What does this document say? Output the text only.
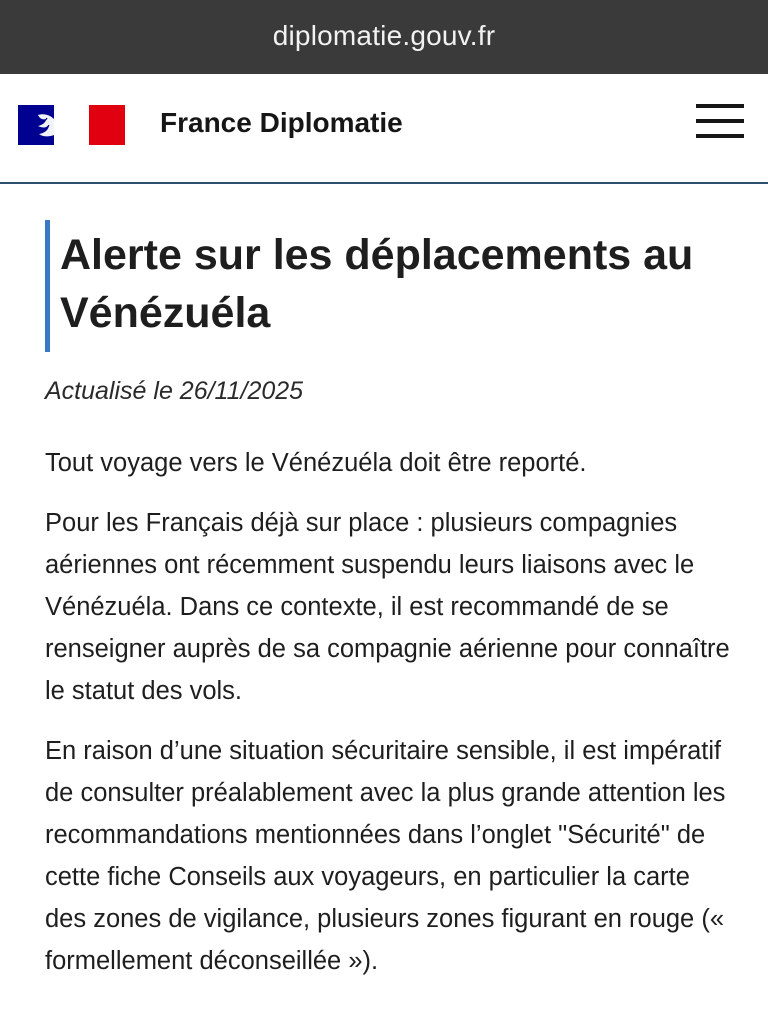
diplomatie.gouv.fr
France Diplomatie
Alerte sur les déplacements au Vénézuéla
Actualisé le 26/11/2025

Tout voyage vers le Vénézuéla doit être reporté.

Pour les Français déjà sur place : plusieurs compagnies aériennes ont récemment suspendu leurs liaisons avec le Vénézuéla. Dans ce contexte, il est recommandé de se renseigner auprès de sa compagnie aérienne pour connaître le statut des vols.

En raison d’une situation sécuritaire sensible, il est impératif de consulter préalablement avec la plus grande attention les recommandations mentionnées dans l’onglet "Sécurité" de cette fiche Conseils aux voyageurs, en particulier la carte des zones de vigilance, plusieurs zones figurant en rouge (« formellement déconseillée »).
